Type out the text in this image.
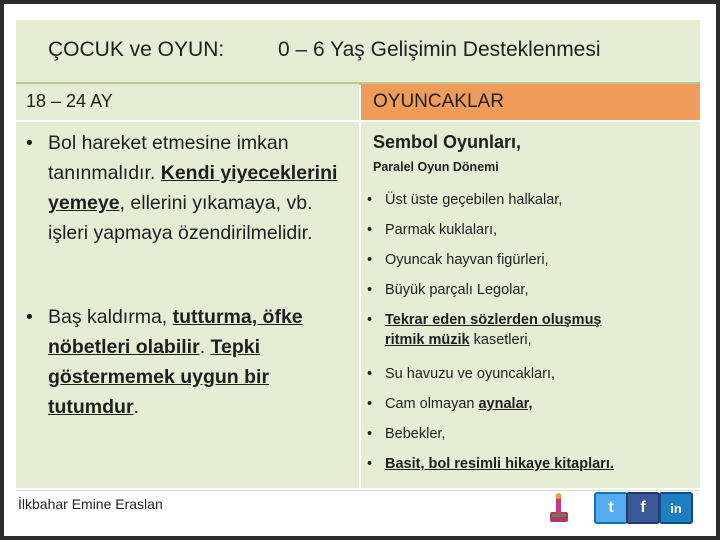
ÇOCUK ve OYUN:	0 – 6 Yaş Gelişimin Desteklenmesi
18 – 24 AY	OYUNCAKLAR
• Bol hareket etmesine imkan tanınmalıdır. Kendi yiyeceklerini yemeye, ellerini yıkamaya, vb. işleri yapmaya özendirilmelidir.
• Baş kaldırma, tutturma, öfke nöbetleri olabilir. Tepki göstermemek uygun bir tutumdur.
Sembol Oyunları,
Paralel Oyun Dönemi
• Üst üste geçebilen halkalar,
• Parmak kuklaları,
• Oyuncak hayvan figürleri,
• Büyük parçalı Legolar,
• Tekrar eden sözlerden oluşmuş
ritmik müzik kasetleri,
• Su havuzu ve oyuncakları,
• Cam olmayan aynalar,
• Bebekler,
• Basit, bol resimli hikaye kitapları.
İlkbahar Emine Eraslan	t	f	in
